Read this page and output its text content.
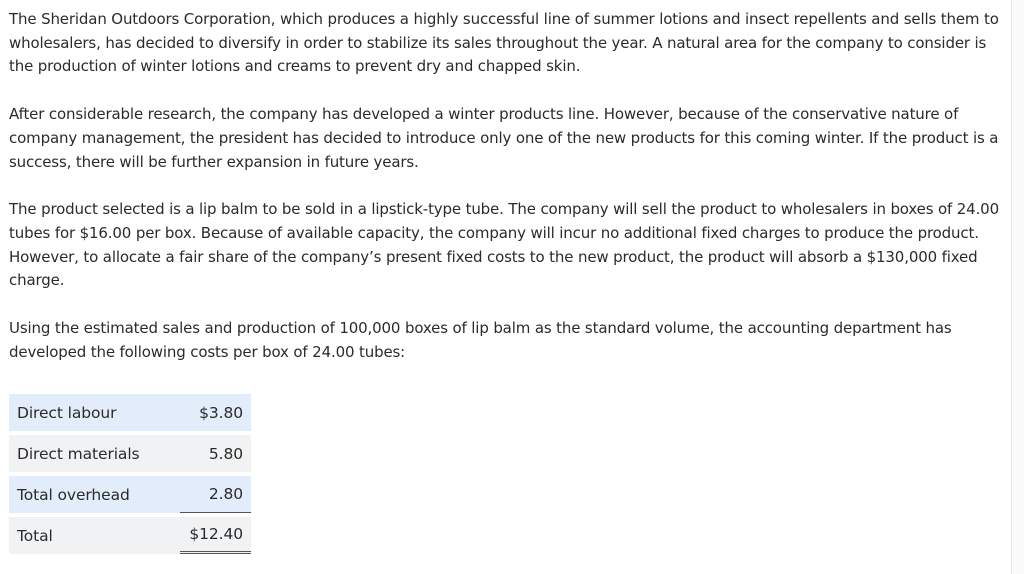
The Sheridan Outdoors Corporation, which produces a highly successful line of summer lotions and insect repellents and sells them to wholesalers, has decided to diversify in order to stabilize its sales throughout the year. A natural area for the company to consider is the production of winter lotions and creams to prevent dry and chapped skin.

After considerable research, the company has developed a winter products line. However, because of the conservative nature of company management, the president has decided to introduce only one of the new products for this coming winter. If the product is a success, there will be further expansion in future years.

The product selected is a lip balm to be sold in a lipstick-type tube. The company will sell the product to wholesalers in boxes of 24.00 tubes for $16.00 per box. Because of available capacity, the company will incur no additional fixed charges to produce the product. However, to allocate a fair share of the company’s present fixed costs to the new product, the product will absorb a $130,000 fixed charge.

Using the estimated sales and production of 100,000 boxes of lip balm as the standard volume, the accounting department has developed the following costs per box of 24.00 tubes:

Direct labour	$3.80

Direct materials	5.80

Total overhead	2.80

Total	$12.40
